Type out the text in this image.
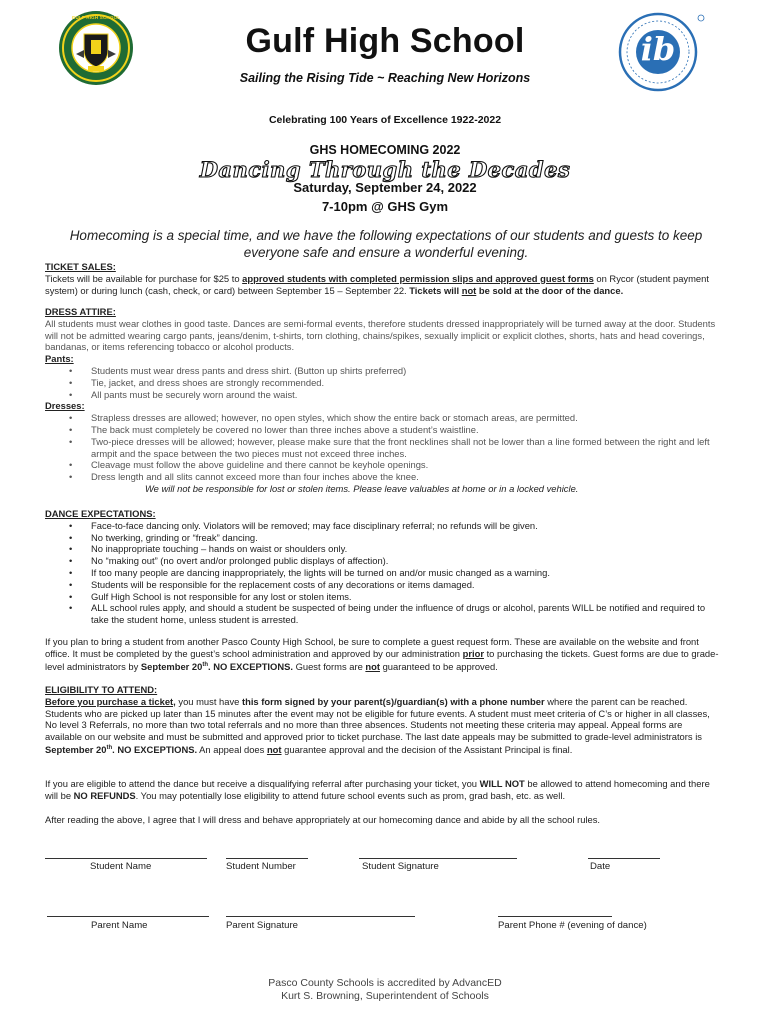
GULF HIGH SCHOOL
ib
Gulf High School
Sailing the Rising Tide ~ Reaching New Horizons
Celebrating 100 Years of Excellence 1922-2022
GHS HOMECOMING 2022
Dancing Through the Decades
Saturday, September 24, 2022
7-10pm @ GHS Gym
Homecoming is a special time, and we have the following expectations of our students and guests to keep everyone safe and ensure a wonderful evening.
TICKET SALES:
Tickets will be available for purchase for $25 to approved students with completed permission slips and approved guest forms on Rycor (student payment system) or during lunch (cash, check, or card) between September 15 – September 22. Tickets will not be sold at the door of the dance.
DRESS ATTIRE:
All students must wear clothes in good taste. Dances are semi-formal events, therefore students dressed inappropriately will be turned away at the door. Students will not be admitted wearing cargo pants, jeans/denim, t-shirts, torn clothing, chains/spikes, sexually implicit or explicit clothes, shorts, hats and head coverings, bandanas, or items referencing tobacco or alcohol products.
Pants:
• Students must wear dress pants and dress shirt. (Button up shirts preferred)
• Tie, jacket, and dress shoes are strongly recommended.
• All pants must be securely worn around the waist.
Dresses:
• Strapless dresses are allowed; however, no open styles, which show the entire back or stomach areas, are permitted.
• The back must completely be covered no lower than three inches above a student’s waistline.
• Two-piece dresses will be allowed; however, please make sure that the front necklines shall not be lower than a line formed between the right and left armpit and the space between the two pieces must not exceed three inches.
• Cleavage must follow the above guideline and there cannot be keyhole openings.
• Dress length and all slits cannot exceed more than four inches above the knee.
We will not be responsible for lost or stolen items. Please leave valuables at home or in a locked vehicle.
DANCE EXPECTATIONS:
• Face-to-face dancing only. Violators will be removed; may face disciplinary referral; no refunds will be given.
• No twerking, grinding or “freak” dancing.
• No inappropriate touching – hands on waist or shoulders only.
• No “making out” (no overt and/or prolonged public displays of affection).
• If too many people are dancing inappropriately, the lights will be turned on and/or music changed as a warning.
• Students will be responsible for the replacement costs of any decorations or items damaged.
• Gulf High School is not responsible for any lost or stolen items.
• ALL school rules apply, and should a student be suspected of being under the influence of drugs or alcohol, parents WILL be notified and required to take the student home, unless student is arrested.
If you plan to bring a student from another Pasco County High School, be sure to complete a guest request form. These are available on the website and front office. It must be completed by the guest’s school administration and approved by our administration prior to purchasing the tickets. Guest forms are due to grade-level administrators by September 20th. NO EXCEPTIONS. Guest forms are not guaranteed to be approved.
ELIGIBILITY TO ATTEND:
Before you purchase a ticket, you must have this form signed by your parent(s)/guardian(s) with a phone number where the parent can be reached. Students who are picked up later than 15 minutes after the event may not be eligible for future events. A student must meet criteria of C’s or higher in all classes, No level 3 Referrals, no more than two total referrals and no more than three absences. Students not meeting these criteria may appeal. Appeal forms are available on our website and must be submitted and approved prior to ticket purchase. The last date appeals may be submitted to grade-level administrators is September 20th. NO EXCEPTIONS. An appeal does not guarantee approval and the decision of the Assistant Principal is final.
If you are eligible to attend the dance but receive a disqualifying referral after purchasing your ticket, you WILL NOT be allowed to attend homecoming and there will be NO REFUNDS. You may potentially lose eligibility to attend future school events such as prom, grad bash, etc. as well.
After reading the above, I agree that I will dress and behave appropriately at our homecoming dance and abide by all the school rules.
Student Name	Student Number	Student Signature	Date
Parent Name	Parent Signature	Parent Phone # (evening of dance)
Pasco County Schools is accredited by AdvancED
Kurt S. Browning, Superintendent of Schools
